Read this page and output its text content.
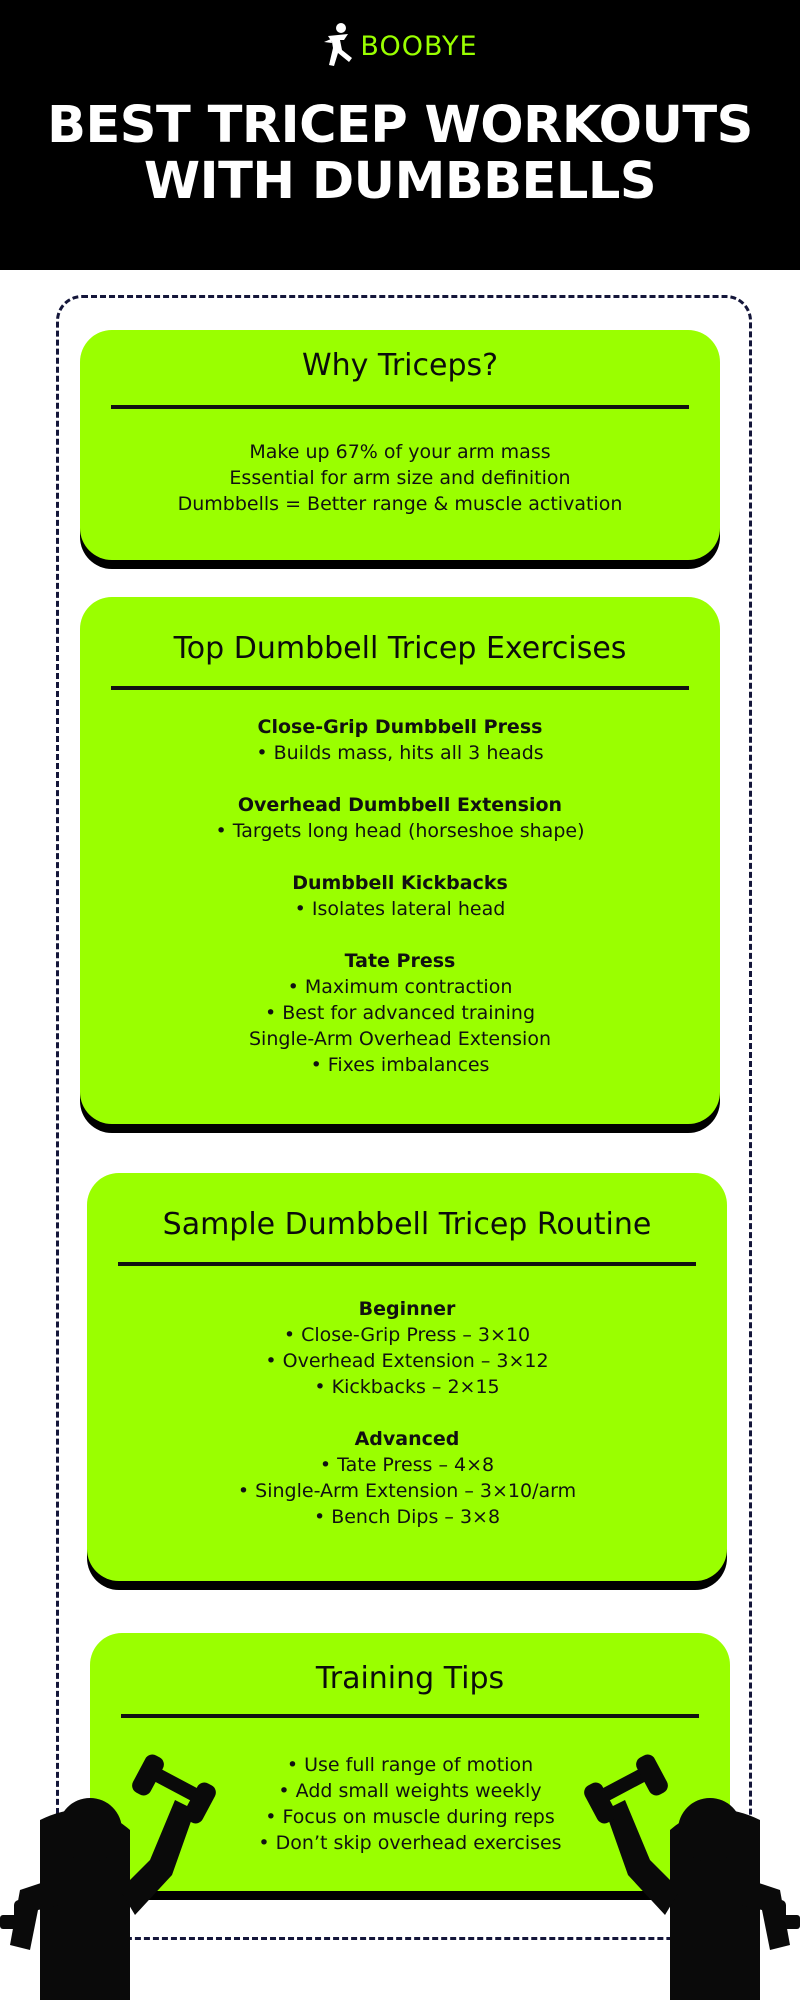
BOOBYE
BEST TRICEP WORKOUTS
WITH DUMBBELLS
Why Triceps?
Make up 67% of your arm mass
Essential for arm size and definition
Dumbbells = Better range & muscle activation
Top Dumbbell Tricep Exercises
Close-Grip Dumbbell Press
• Builds mass, hits all 3 heads
Overhead Dumbbell Extension
• Targets long head (horseshoe shape)
Dumbbell Kickbacks
• Isolates lateral head
Tate Press
• Maximum contraction
• Best for advanced training
Single-Arm Overhead Extension
• Fixes imbalances
Sample Dumbbell Tricep Routine
Beginner
• Close-Grip Press – 3×10
• Overhead Extension – 3×12
• Kickbacks – 2×15
Advanced
• Tate Press – 4×8
• Single-Arm Extension – 3×10/arm
• Bench Dips – 3×8
Training Tips
• Use full range of motion
• Add small weights weekly
• Focus on muscle during reps
• Don’t skip overhead exercises
